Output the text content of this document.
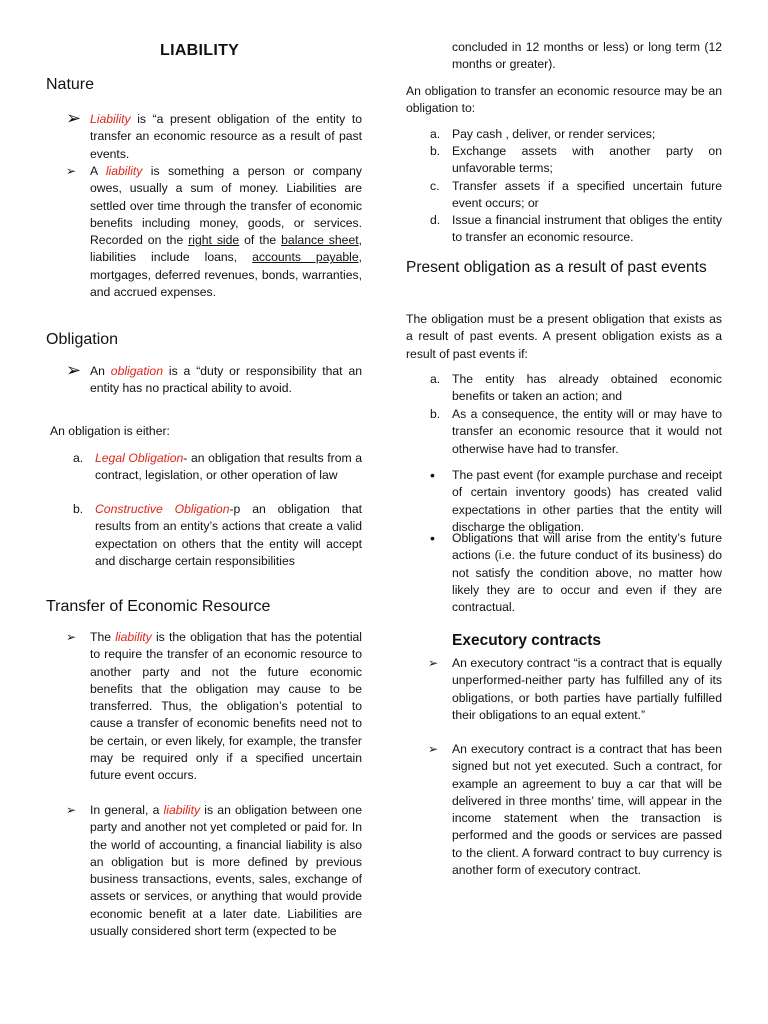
LIABILITY
Nature
➢ Liability is “a present obligation of the entity to transfer an economic resource as a result of past events.
➢ A liability is something a person or company owes, usually a sum of money. Liabilities are settled over time through the transfer of economic benefits including money, goods, or services. Recorded on the right side of the balance sheet, liabilities include loans, accounts payable, mortgages, deferred revenues, bonds, warranties, and accrued expenses.
Obligation
➢ An obligation is a “duty or responsibility that an entity has no practical ability to avoid.

An obligation is either:

a. Legal Obligation- an obligation that results from a contract, legislation, or other operation of law
b. Constructive Obligation-p an obligation that results from an entity’s actions that create a valid expectation on others that the entity will accept and discharge certain responsibilities
Transfer of Economic Resource
➢ The liability is the obligation that has the potential to require the transfer of an economic resource to another party and not the future economic benefits that the obligation may cause to be transferred. Thus, the obligation’s potential to cause a transfer of economic benefits need not to be certain, or even likely, for example, the transfer may be required only if a specified uncertain future event occurs.
➢ In general, a liability is an obligation between one party and another not yet completed or paid for. In the world of accounting, a financial liability is also an obligation but is more defined by previous business transactions, events, sales, exchange of assets or services, or anything that would provide economic benefit at a later date. Liabilities are usually considered short term (expected to be
concluded in 12 months or less) or long term (12 months or greater).

An obligation to transfer an economic resource may be an obligation to:

a. Pay cash , deliver, or render services;
b. Exchange assets with another party on unfavorable terms;
c. Transfer assets if a specified uncertain future event occurs; or
d. Issue a financial instrument that obliges the entity to transfer an economic resource.
Present obligation as a result of past events

The obligation must be a present obligation that exists as a result of past events. A present obligation exists as a result of past events if:

a. The entity has already obtained economic benefits or taken an action; and
b. As a consequence, the entity will or may have to transfer an economic resource that it would not otherwise have had to transfer.
• The past event (for example purchase and receipt of certain inventory goods) has created valid expectations in other parties that the entity will discharge the obligation.
• Obligations that will arise from the entity’s future actions (i.e. the future conduct of its business) do not satisfy the condition above, no matter how likely they are to occur and even if they are contractual.
Executory contracts
➢ An executory contract “is a contract that is equally unperformed-neither party has fulfilled any of its obligations, or both parties have partially fulfilled their obligations to an equal extent.”
➢ An executory contract is a contract that has been signed but not yet executed. Such a contract, for example an agreement to buy a car that will be delivered in three months’ time, will appear in the income statement when the transaction is performed and the goods or services are passed to the client. A forward contract to buy currency is another form of executory contract.
